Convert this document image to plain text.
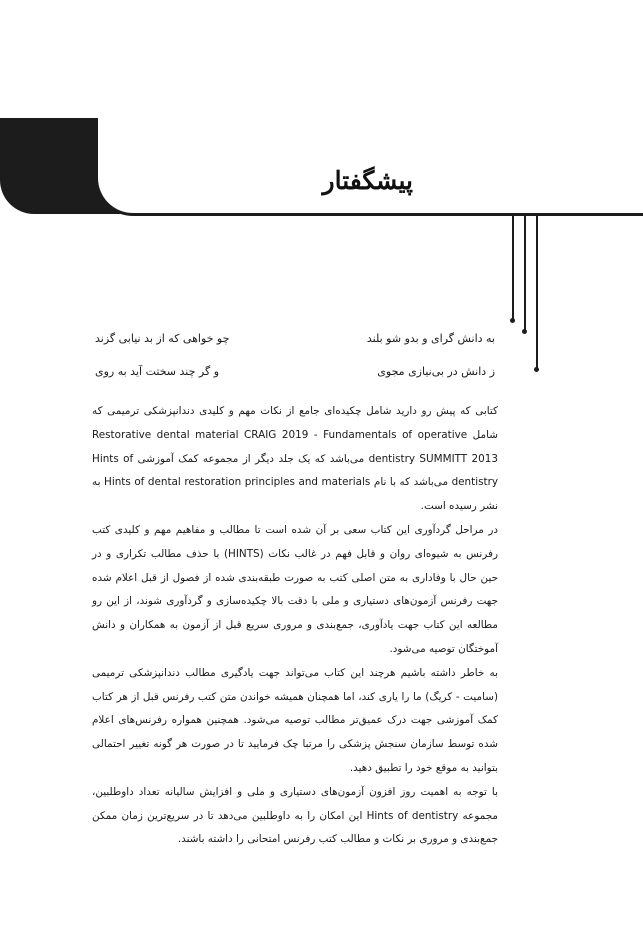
پیشگفتار
به دانش گرای و بدو شو بلند
چو خواهی که از بد نیابی گزند
ز دانش در بی‌نیازی مجوی
و گر چند سختت آید به روی

کتابی که پیش رو دارید شامل چکیده‌ای جامع از نکات مهم و کلیدی دندانپزشکی ترمیمی که شامل Restorative dental material CRAIG 2019 - Fundamentals of operative dentistry SUMMITT 2013 می‌باشد که یک جلد دیگر از مجموعه کمک آموزشی Hints of dentistry می‌باشد که با نام Hints of dental restoration principles and materials به نشر رسیده است.

در مراحل گردآوری این کتاب سعی بر آن شده است تا مطالب و مفاهیم مهم و کلیدی کتب رفرنس به شیوه‌ای روان و قابل فهم در غالب نکات (HINTS) با حذف مطالب تکراری و در حین حال با وفاداری به متن اصلی کتب به صورت طبقه‌بندی شده از فصول از قبل اعلام شده جهت رفرنس آزمون‌های دستیاری و ملی با دقت بالا چکیده‌سازی و گردآوری شوند، از این رو مطالعه این کتاب جهت یادآوری، جمع‌بندی و مروری سریع قبل از آزمون به همکاران و دانش آموختگان توصیه می‌شود.

به خاطر داشته باشیم هرچند این کتاب می‌تواند جهت یادگیری مطالب دندانپزشکی ترمیمی (سامیت - کریگ) ما را یاری کند، اما همچنان همیشه خواندن متن کتب رفرنس قبل از هر کتاب کمک آموزشی جهت درک عمیق‌تر مطالب توصیه می‌شود. همچنین همواره رفرنس‌های اعلام شده توسط سازمان سنجش پزشکی را مرتبا چک فرمایید تا در صورت هر گونه تغییر احتمالی بتوانید به موقع خود را تطبیق دهید.

با توجه به اهمیت روز افزون آزمون‌های دستیاری و ملی و افزایش سالیانه تعداد داوطلبین، مجموعه Hints of dentistry این امکان را به داوطلبین می‌دهد تا در سریع‌ترین زمان ممکن جمع‌بندی و مروری بر نکات و مطالب کتب رفرنس امتحانی را داشته باشند.
